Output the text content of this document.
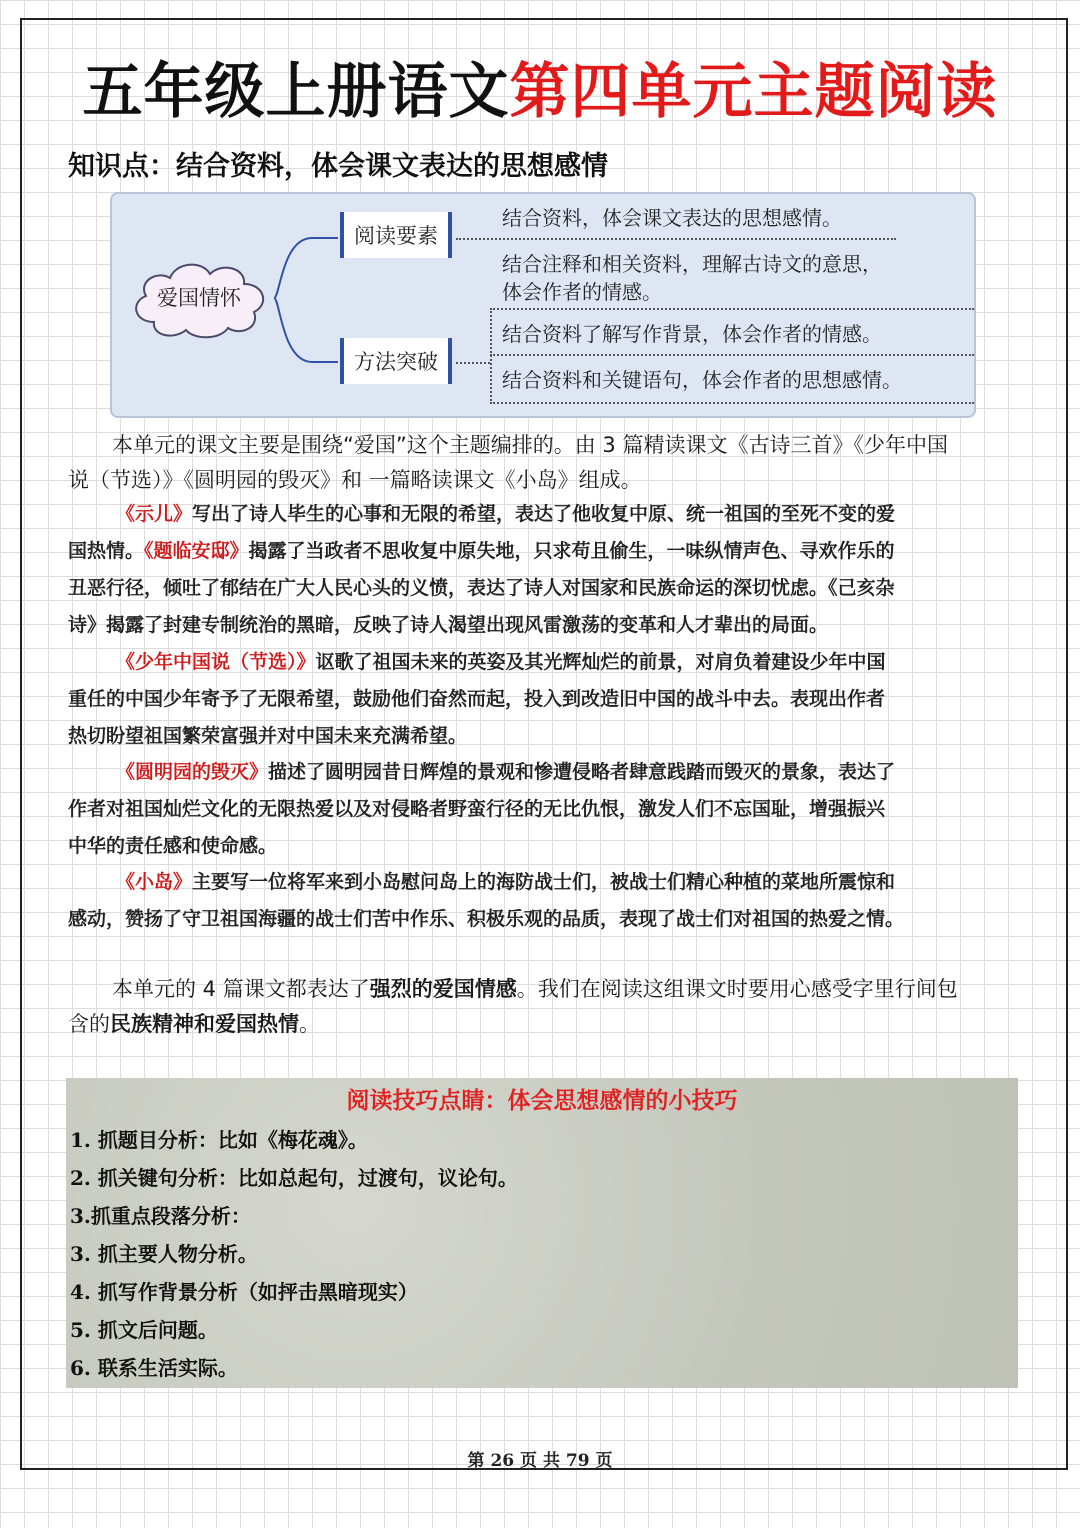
五年级上册语文第四单元主题阅读
知识点：结合资料，体会课文表达的思想感情
爱国情怀
阅读要素
方法突破
结合资料，体会课文表达的思想感情。
结合注释和相关资料，理解古诗文的意思，
体会作者的情感。
结合资料了解写作背景，体会作者的情感。
结合资料和关键语句，体会作者的思想感情。
本单元的课文主要是围绕“爱国”这个主题编排的。由 3 篇精读课文《古诗三首》《少年中国
说（节选）》《圆明园的毁灭》和 一篇略读课文《小岛》组成。
《示儿》写出了诗人毕生的心事和无限的希望，表达了他收复中原、统一祖国的至死不变的爱
国热情。《题临安邸》揭露了当政者不思收复中原失地，只求苟且偷生，一味纵情声色、寻欢作乐的
丑恶行径，倾吐了郁结在广大人民心头的义愤，表达了诗人对国家和民族命运的深切忧虑。《己亥杂
诗》揭露了封建专制统治的黑暗，反映了诗人渴望出现风雷激荡的变革和人才辈出的局面。
《少年中国说（节选）》讴歌了祖国未来的英姿及其光辉灿烂的前景，对肩负着建设少年中国
重任的中国少年寄予了无限希望，鼓励他们奋然而起，投入到改造旧中国的战斗中去。表现出作者
热切盼望祖国繁荣富强并对中国未来充满希望。
《圆明园的毁灭》描述了圆明园昔日辉煌的景观和惨遭侵略者肆意践踏而毁灭的景象，表达了
作者对祖国灿烂文化的无限热爱以及对侵略者野蛮行径的无比仇恨，激发人们不忘国耻，增强振兴
中华的责任感和使命感。
《小岛》主要写一位将军来到小岛慰问岛上的海防战士们，被战士们精心种植的菜地所震惊和
感动，赞扬了守卫祖国海疆的战士们苦中作乐、积极乐观的品质，表现了战士们对祖国的热爱之情。
本单元的 4 篇课文都表达了强烈的爱国情感。我们在阅读这组课文时要用心感受字里行间包
含的民族精神和爱国热情。
阅读技巧点睛：体会思想感情的小技巧
1. 抓题目分析：比如《梅花魂》。
2. 抓关键句分析：比如总起句，过渡句，议论句。
3.抓重点段落分析：
3. 抓主要人物分析。
4. 抓写作背景分析（如抨击黑暗现实）
5. 抓文后问题。
6. 联系生活实际。
第 26 页 共 79 页
